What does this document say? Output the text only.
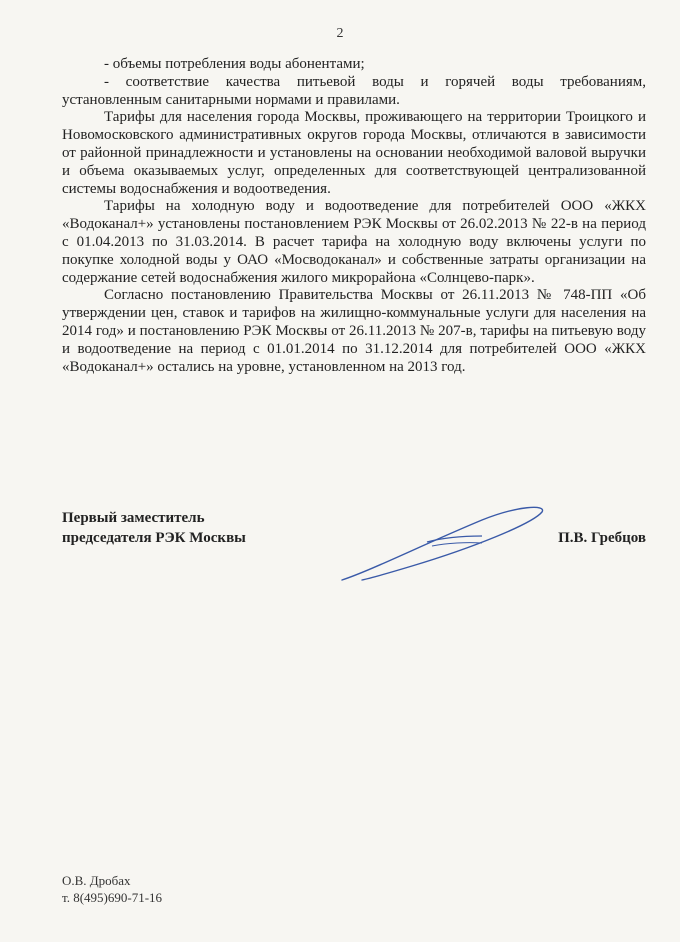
2

- объемы потребления воды абонентами;

- соответствие качества питьевой воды и горячей воды требованиям, установленным санитарными нормами и правилами.

Тарифы для населения города Москвы, проживающего на территории Троицкого и Новомосковского административных округов города Москвы, отличаются в зависимости от районной принадлежности и установлены на основании необходимой валовой выручки и объема оказываемых услуг, определенных для соответствующей централизованной системы водоснабжения и водоотведения.

Тарифы на холодную воду и водоотведение для потребителей ООО «ЖКХ «Водоканал+» установлены постановлением РЭК Москвы от 26.02.2013 № 22-в на период с 01.04.2013 по 31.03.2014. В расчет тарифа на холодную воду включены услуги по покупке холодной воды у ОАО «Мосводоканал» и собственные затраты организации на содержание сетей водоснабжения жилого микрорайона «Солнцево-парк».

Согласно постановлению Правительства Москвы от 26.11.2013 № 748-ПП «Об утверждении цен, ставок и тарифов на жилищно-коммунальные услуги для населения на 2014 год» и постановлению РЭК Москвы от 26.11.2013 № 207-в, тарифы на питьевую воду и водоотведение на период с 01.01.2014 по 31.12.2014 для потребителей ООО «ЖКХ «Водоканал+» остались на уровне, установленном на 2013 год.

Первый заместитель
председателя РЭК Москвы	П.В. Гребцов
О.В. Дробах
т. 8(495)690-71-16
